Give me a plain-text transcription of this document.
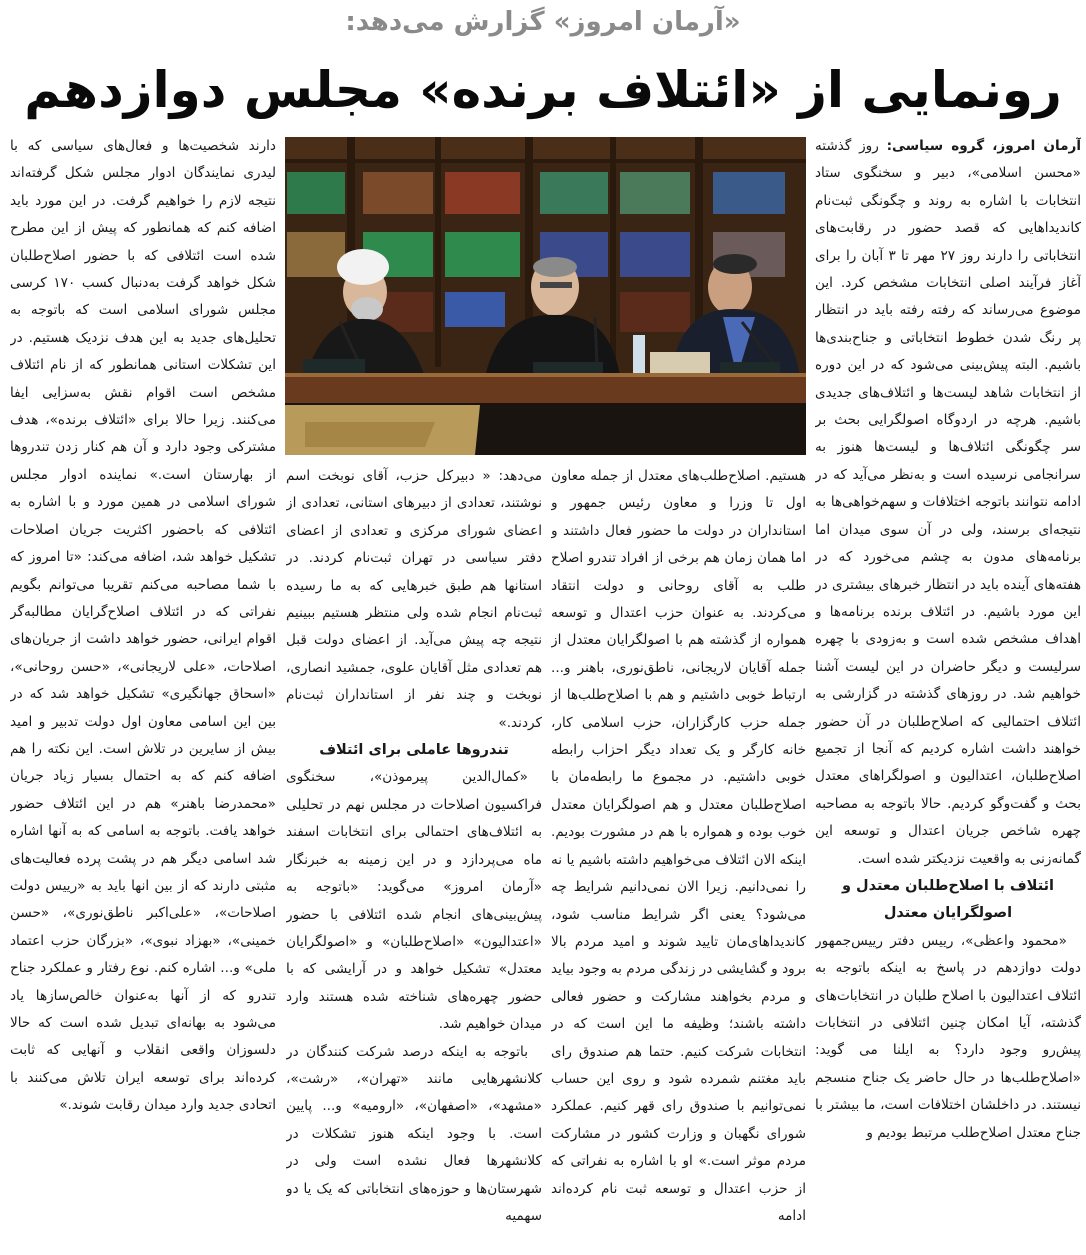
«آرمان امروز» گزارش می‌دهد:
رونمایی از «ائتلاف برنده» مجلس دوازدهم

آرمان امروز، گروه سیاسی: روز گذشته «محسن اسلامی»، دبیر و سخنگوی ستاد انتخابات با اشاره به روند و چگونگی ثبت‌نام کاندیداهایی که قصد حضور در رقابت‌های انتخاباتی را دارند روز ۲۷ مهر تا ۳ آبان را برای آغاز فرآیند اصلی انتخابات مشخص کرد. این موضوع می‌رساند که رفته رفته باید در انتظار پر رنگ شدن خطوط انتخاباتی و جناح‌بندی‌ها باشیم. البته پیش‌بینی می‌شود که در این دوره از انتخابات شاهد لیست‌ها و ائتلاف‌های جدیدی باشیم. هرچه در اردوگاه اصولگرایی بحث بر سر چگونگی ائتلاف‌ها و لیست‌ها هنوز به سرانجامی نرسیده است و به‌نظر می‌آید که در ادامه نتوانند باتوجه اختلافات و سهم‌خواهی‌ها به نتیجه‌ای برسند، ولی در آن سوی میدان اما برنامه‌های مدون به چشم می‌خورد که در هفته‌های آینده باید در انتظار خبرهای بیشتری در این مورد باشیم. در ائتلاف برنده برنامه‌ها و اهداف مشخص شده است و به‌زودی با چهره سرلیست و دیگر حاضران در این لیست آشنا خواهیم شد. در روزهای گذشته در گزارشی به ائتلاف احتمالیی که اصلاح‌طلبان در آن حضور خواهند داشت اشاره کردیم که آنجا از تجمیع اصلاح‌طلبان، اعتدالیون و اصولگراهای معتدل بحث و گفت‌وگو کردیم. حالا باتوجه به مصاحبه چهره شاخص جریان اعتدال و توسعه این گمانه‌زنی به واقعیت نزدیکتر شده است.

ائتلاف با اصلاح‌طلبان معتدل و اصولگرایان معتدل

«محمود واعظی»، رییس دفتر رییس‌جمهور دولت دوازدهم در پاسخ به اینکه باتوجه به ائتلاف اعتدالیون با اصلاح طلبان در انتخابات‌های گذشته، آیا امکان چنین ائتلافی در انتخابات پیش‌رو وجود دارد؟ به ایلنا می گوید: «اصلاح‌طلب‌ها در حال حاضر یک جناح منسجم نیستند. در داخلشان اختلافات است، ما بیشتر با جناح معتدل اصلاح‌طلب مرتبط بودیم و

هستیم. اصلاح‌طلب‌های معتدل از جمله معاون اول تا وزرا و معاون رئیس جمهور و استانداران در دولت ما حضور فعال داشتند و اما همان زمان هم برخی از افراد تندرو اصلاح طلب به آقای روحانی و دولت انتقاد می‌کردند. به عنوان حزب اعتدال و توسعه همواره از گذشته هم با اصولگرایان معتدل از جمله آقایان لاریجانی، ناطق‌نوری، باهنر و... ارتباط خوبی داشتیم و هم با اصلاح‌طلب‌ها از جمله حزب کارگزاران، حزب اسلامی کار، خانه کارگر و یک تعداد دیگر احزاب رابطه خوبی داشتیم. در مجموع ما رابطه‌مان با اصلاح‌طلبان معتدل و هم اصولگرایان معتدل خوب بوده و همواره با هم در مشورت بودیم. اینکه الان ائتلاف می‌خواهیم داشته باشیم یا نه را نمی‌دانیم. زیرا الان نمی‌دانیم شرایط چه می‌شود؟ یعنی اگر شرایط مناسب شود، کاندیداهای‌مان تایید شوند و امید مردم بالا برود و گشایشی در زندگی مردم به وجود بیاید و مردم بخواهند مشارکت و حضور فعالی داشته باشند؛ وظیفه ما این است که در انتخابات شرکت کنیم. حتما هم صندوق رای باید مغتنم شمرده شود و روی این حساب نمی‌توانیم با صندوق رای قهر کنیم. عملکرد شورای نگهبان و وزارت کشور در مشارکت مردم موثر است.» او با اشاره به نفراتی که از حزب اعتدال و توسعه ثبت نام کرده‌اند ادامه

می‌دهد: « دبیرکل حزب، آقای نوبخت اسم نوشتند، تعدادی از دبیرهای استانی، تعدادی از اعضای شورای مرکزی و تعدادی از اعضای دفتر سیاسی در تهران ثبت‌نام کردند. در استانها هم طبق خبرهایی که به ما رسیده ثبت‌نام انجام شده ولی منتظر هستیم ببینیم نتیجه چه پیش می‌آید. از اعضای دولت قبل هم تعدادی مثل آقایان علوی، جمشید انصاری، نوبخت و چند نفر از استانداران ثبت‌نام کردند.»

تندروها عاملی برای ائتلاف

«کمال‌الدین پیرموذن»، سخنگوی فراکسیون اصلاحات در مجلس نهم در تحلیلی به ائتلاف‌های احتمالی برای انتخابات اسفند ماه می‌پردازد و در این زمینه به خبرنگار «آرمان امروز» می‌گوید: «باتوجه به پیش‌بینی‌های انجام شده ائتلافی با حضور «اعتدالیون» «اصلاح‌طلبان» و «اصولگرایان معتدل» تشکیل خواهد و در آرایشی که با حضور چهره‌های شناخته شده هستند وارد میدان خواهیم شد.

باتوجه به اینکه درصد شرکت کنندگان در کلانشهرهایی مانند «تهران»، «رشت»، «مشهد»، «اصفهان»، «ارومیه» و... پایین است. با وجود اینکه هنوز تشکلات در کلانشهرها فعال نشده است ولی در شهرستان‌ها و حوزه‌های انتخاباتی که یک یا دو سهمیه

دارند شخصیت‌ها و فعال‌های سیاسی که با لیدری نمایندگان ادوار مجلس شکل گرفته‌اند نتیجه لازم را خواهیم گرفت. در این مورد باید اضافه کنم که همانطور که پیش از این مطرح شده است ائتلافی که با حضور اصلاح‌طلبان شکل خواهد گرفت به‌دنبال کسب ۱۷۰ کرسی مجلس شورای اسلامی است که باتوجه به تحلیل‌های جدید به این هدف نزدیک هستیم. در این تشکلات استانی همانطور که از نام ائتلاف مشخص است اقوام نقش به‌سزایی ایفا می‌کنند. زیرا حالا برای «ائتلاف برنده»، هدف مشترکی وجود دارد و آن هم کنار زدن تندروها از بهارستان است.» نماینده ادوار مجلس شورای اسلامی در همین مورد و با اشاره به ائتلافی که باحضور اکثریت جریان اصلاحات تشکیل خواهد شد، اضافه می‌کند: «تا امروز که با شما مصاحبه می‌کنم تقریبا می‌توانم بگویم نفراتی که در ائتلاف اصلاح‌گرایان مطالبه‌گر اقوام ایرانی، حضور خواهد داشت از جریان‌های اصلاحات، «علی لاریجانی»، «حسن روحانی»، «اسحاق جهانگیری» تشکیل خواهد شد که در بین این اسامی معاون اول دولت تدبیر و امید بیش از سایرین در تلاش است. این نکته را هم اضافه کنم که به احتمال بسیار زیاد جریان «محمدرضا باهنر» هم در این ائتلاف حضور خواهد یافت. باتوجه به اسامی که به آنها اشاره شد اسامی دیگر هم در پشت پرده فعالیت‌های مثبتی دارند که از بین انها باید به «رییس دولت اصلاحات»، «علی‌اکبر ناطق‌نوری»، «حسن خمینی»، «بهزاد نبوی»، «بزرگان حزب اعتماد ملی» و... اشاره کنم. نوع رفتار و عملکرد جناح تندرو که از آنها به‌عنوان خالص‌سازها یاد می‌شود به بهانه‌ای تبدیل شده است که حالا دلسوزان واقعی انقلاب و آنهایی که ثابت کرده‌اند برای توسعه ایران تلاش می‌کنند با اتحادی جدید وارد میدان رقابت شوند.»
